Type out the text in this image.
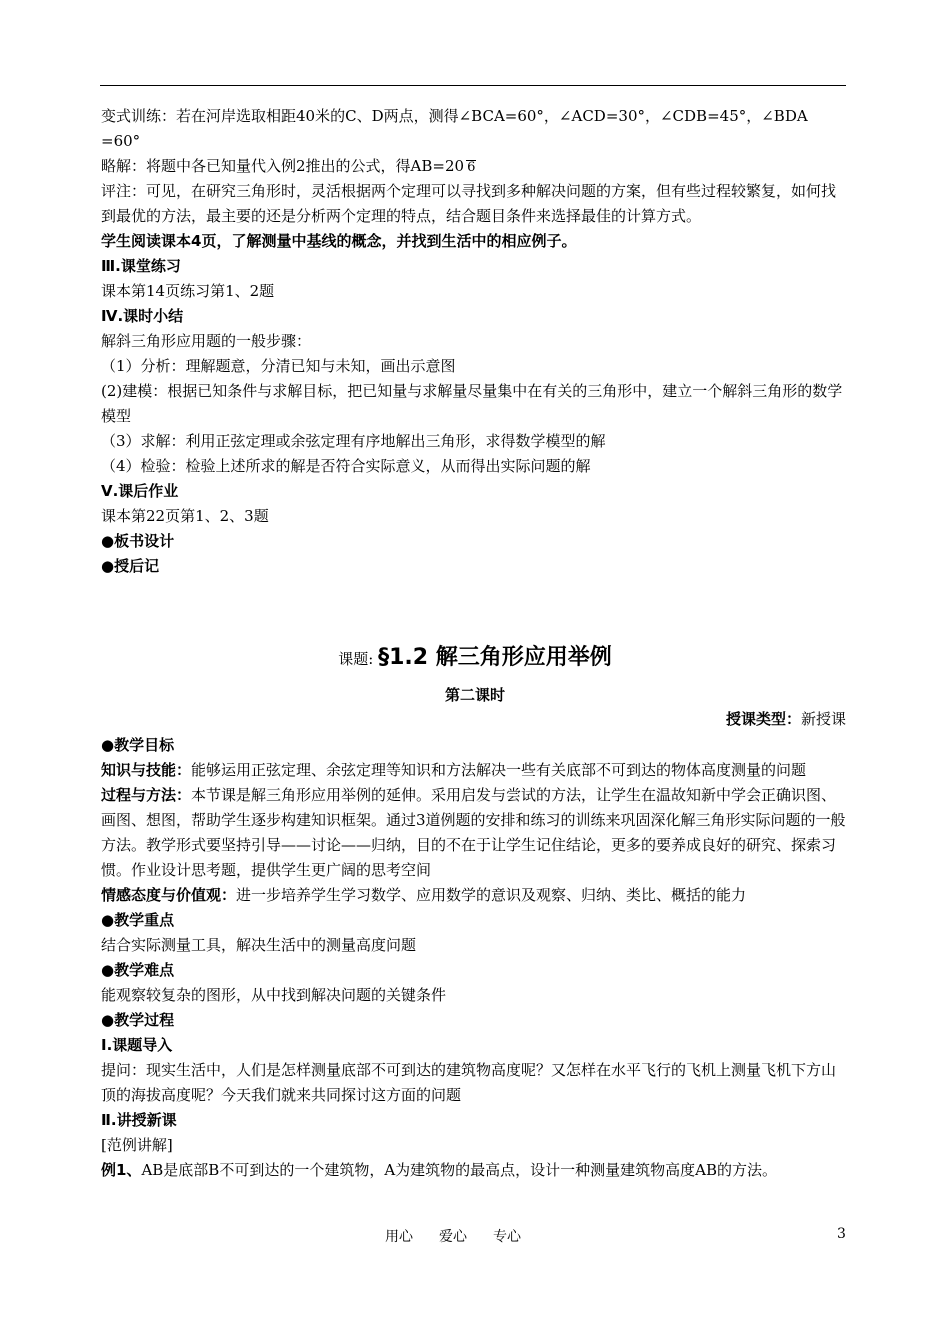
变式训练：若在河岸选取相距40米的C、D两点，测得∠BCA=60°，∠ACD=30°，∠CDB=45°，∠BDA =60°

略解：将题中各已知量代入例2推出的公式，得AB=20 6

评注：可见，在研究三角形时，灵活根据两个定理可以寻找到多种解决问题的方案，但有些过程较繁复，如何找到最优的方法，最主要的还是分析两个定理的特点，结合题目条件来选择最佳的计算方式。

学生阅读课本4页，了解测量中基线的概念，并找到生活中的相应例子。

Ⅲ.课堂练习

课本第14页练习第1、2题

Ⅳ.课时小结

解斜三角形应用题的一般步骤：

（1）分析：理解题意，分清已知与未知，画出示意图

(2)建模：根据已知条件与求解目标，把已知量与求解量尽量集中在有关的三角形中，建立一个解斜三角形的数学模型

（3）求解：利用正弦定理或余弦定理有序地解出三角形，求得数学模型的解

（4）检验：检验上述所求的解是否符合实际意义，从而得出实际问题的解

Ⅴ.课后作业

课本第22页第1、2、3题

●板书设计

●授后记

课题: §1.2 解三角形应用举例
第二课时
授课类型：新授课

●教学目标

知识与技能：能够运用正弦定理、余弦定理等知识和方法解决一些有关底部不可到达的物体高度测量的问题

过程与方法：本节课是解三角形应用举例的延伸。采用启发与尝试的方法，让学生在温故知新中学会正确识图、画图、想图，帮助学生逐步构建知识框架。通过3道例题的安排和练习的训练来巩固深化解三角形实际问题的一般方法。教学形式要坚持引导——讨论——归纳，目的不在于让学生记住结论，更多的要养成良好的研究、探索习惯。作业设计思考题，提供学生更广阔的思考空间

情感态度与价值观：进一步培养学生学习数学、应用数学的意识及观察、归纳、类比、概括的能力

●教学重点

结合实际测量工具，解决生活中的测量高度问题

●教学难点

能观察较复杂的图形，从中找到解决问题的关键条件

●教学过程

Ⅰ.课题导入

提问：现实生活中，人们是怎样测量底部不可到达的建筑物高度呢？又怎样在水平飞行的飞机上测量飞机下方山顶的海拔高度呢？今天我们就来共同探讨这方面的问题

Ⅱ.讲授新课

[范例讲解]

例1、AB是底部B不可到达的一个建筑物，A为建筑物的最高点，设计一种测量建筑物高度AB的方法。

用心 爱心 专心	3
